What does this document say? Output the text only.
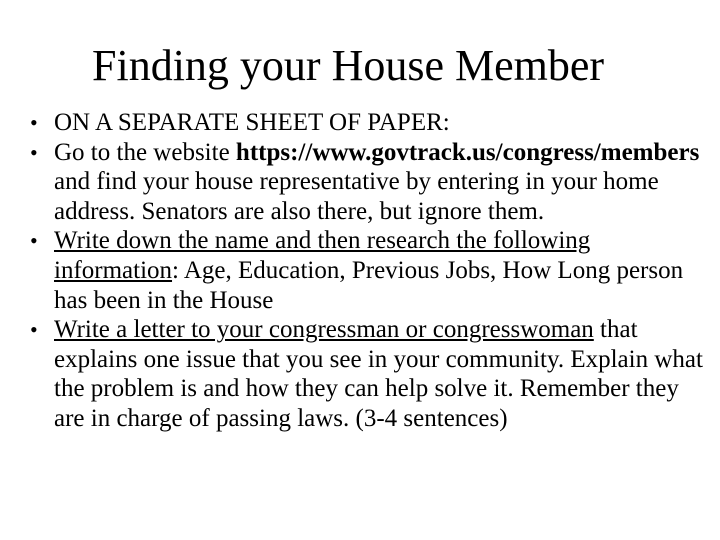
Finding your House Member
• ON A SEPARATE SHEET OF PAPER:
• Go to the website https://www.govtrack.us/congress/members and find your house representative by entering in your home address. Senators are also there, but ignore them.
• Write down the name and then research the following information: Age, Education, Previous Jobs, How Long person has been in the House
• Write a letter to your congressman or congresswoman that explains one issue that you see in your community. Explain what the problem is and how they can help solve it. Remember they are in charge of passing laws. (3-4 sentences)
